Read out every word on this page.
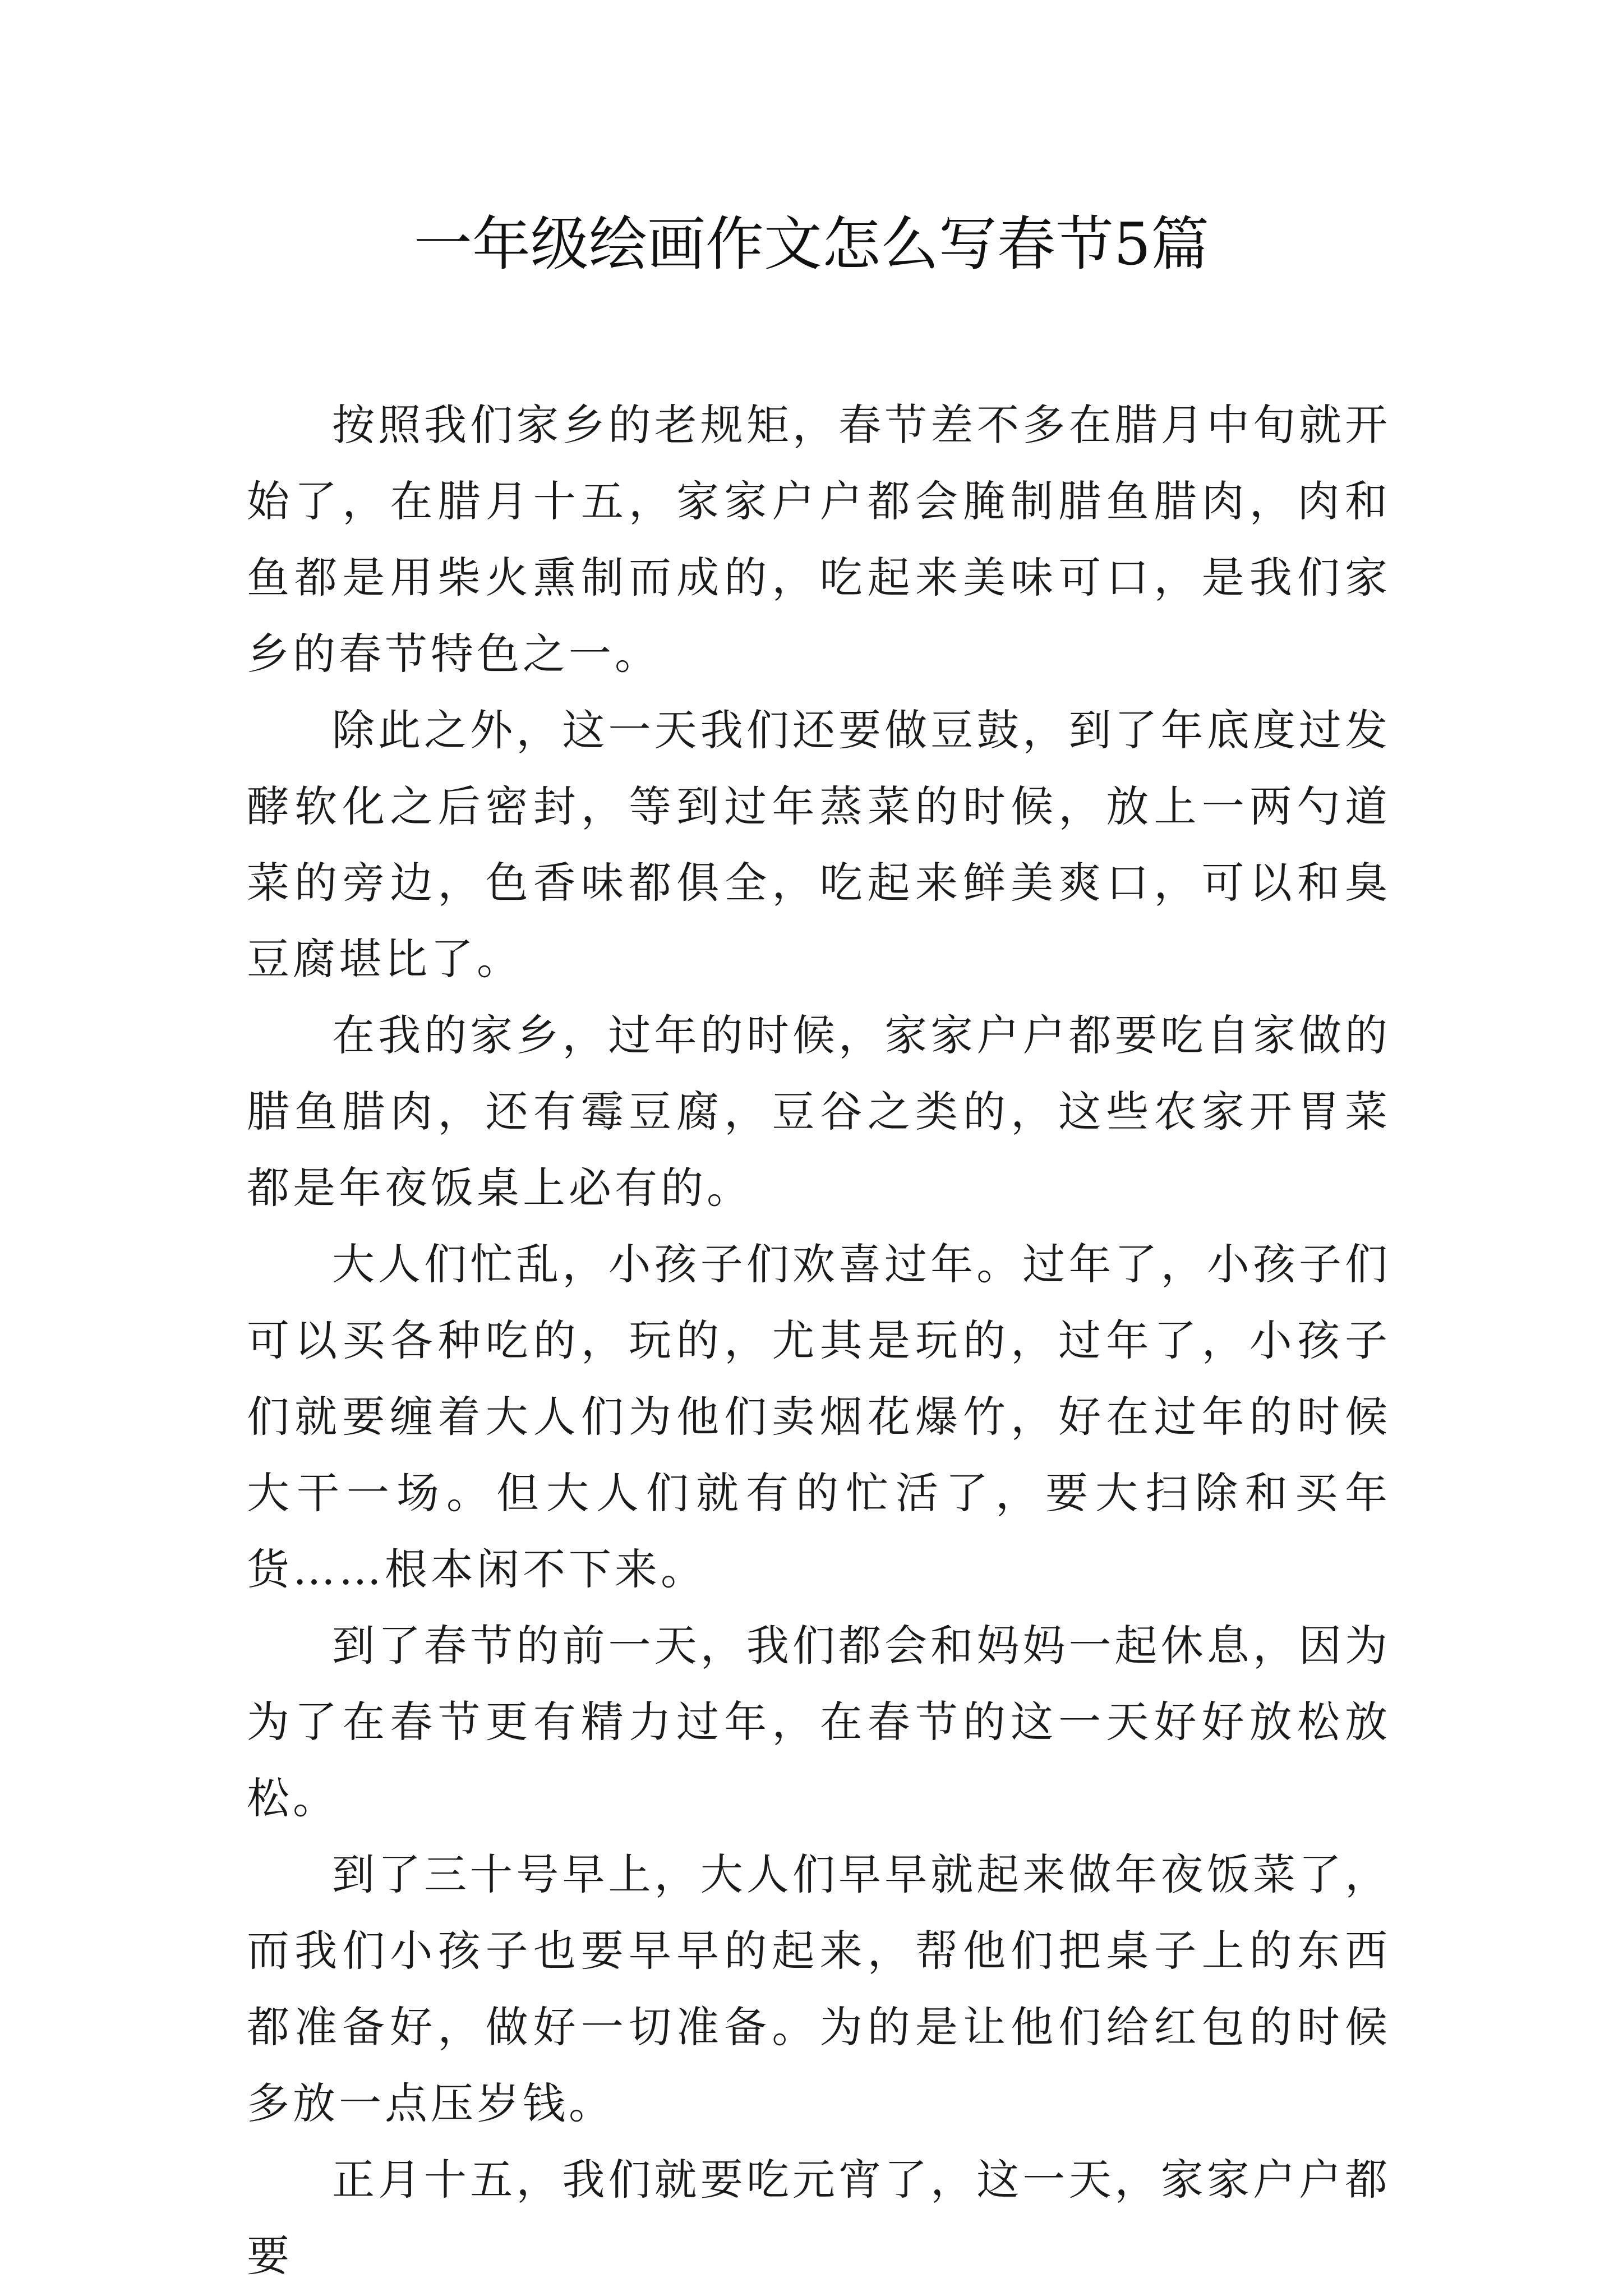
一年级绘画作文怎么写春节5篇

按照我们家乡的老规矩，春节差不多在腊月中旬就开始了，在腊月十五，家家户户都会腌制腊鱼腊肉，肉和鱼都是用柴火熏制而成的，吃起来美味可口，是我们家乡的春节特色之一。

除此之外，这一天我们还要做豆鼓，到了年底度过发酵软化之后密封，等到过年蒸菜的时候，放上一两勺道菜的旁边，色香味都俱全，吃起来鲜美爽口，可以和臭豆腐堪比了。

在我的家乡，过年的时候，家家户户都要吃自家做的腊鱼腊肉，还有霉豆腐，豆谷之类的，这些农家开胃菜都是年夜饭桌上必有的。

大人们忙乱，小孩子们欢喜过年。过年了，小孩子们可以买各种吃的，玩的，尤其是玩的，过年了，小孩子们就要缠着大人们为他们卖烟花爆竹，好在过年的时候大干一场。但大人们就有的忙活了，要大扫除和买年货……根本闲不下来。

到了春节的前一天，我们都会和妈妈一起休息，因为为了在春节更有精力过年，在春节的这一天好好放松放松。

到了三十号早上，大人们早早就起来做年夜饭菜了，而我们小孩子也要早早的起来，帮他们把桌子上的东西都准备好，做好一切准备。为的是让他们给红包的时候多放一点压岁钱。

正月十五，我们就要吃元宵了，这一天，家家户户都要
